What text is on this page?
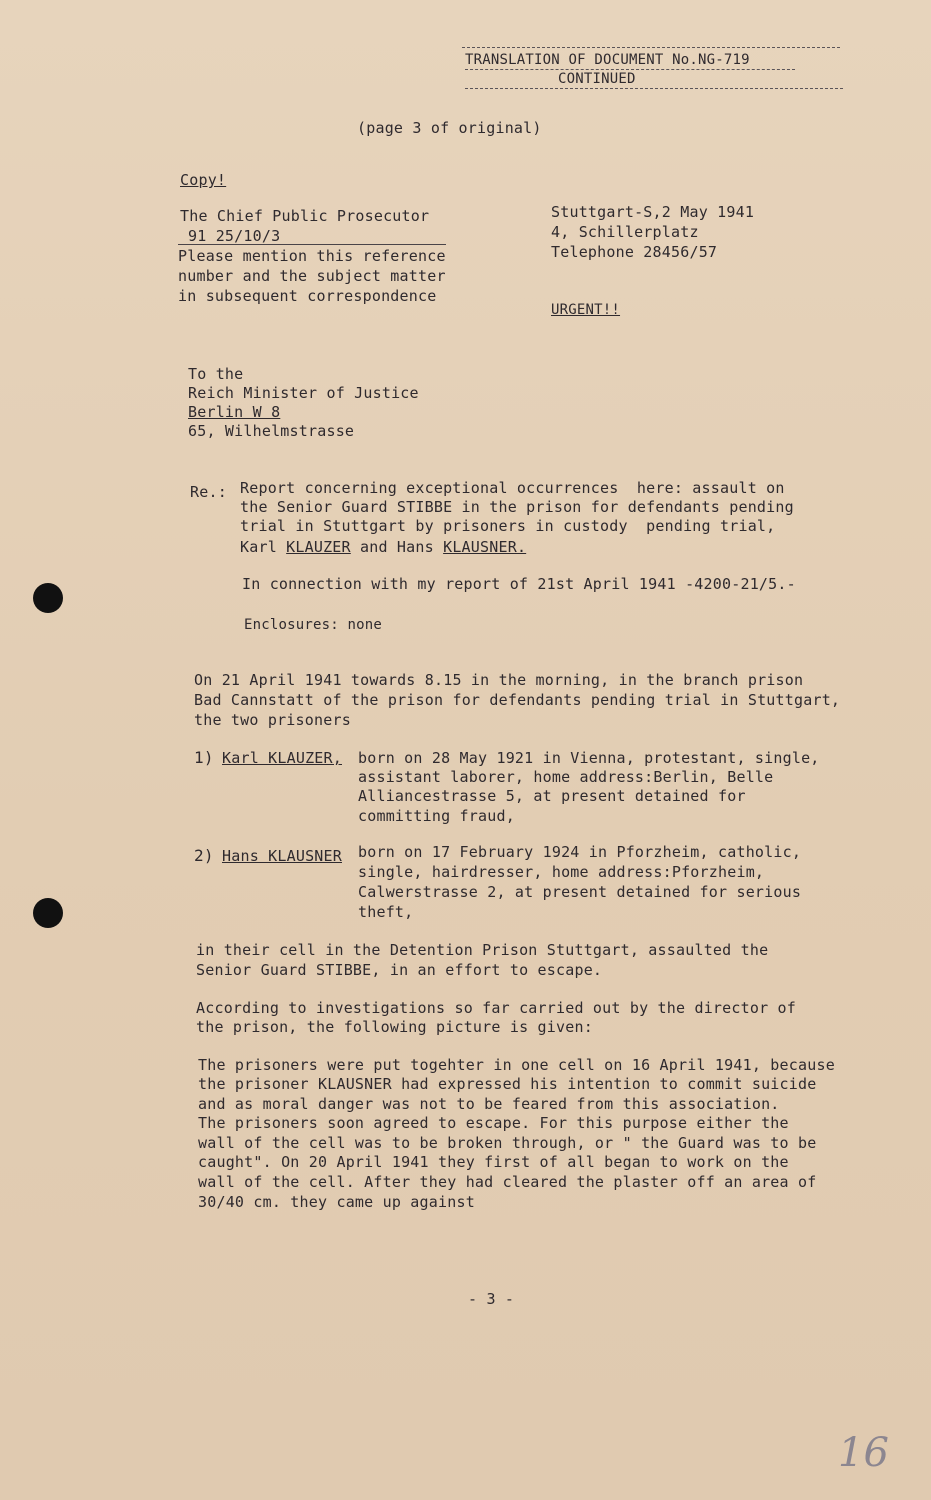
TRANSLATION OF DOCUMENT No.NG-719
CONTINUED
(page 3 of original)
Copy!
The Chief Public Prosecutor
91 25/10/3
Please mention this reference
number and the subject matter
in subsequent correspondence
Stuttgart-S,2 May 1941
4, Schillerplatz
Telephone 28456/57
URGENT!!
To the
Reich Minister of Justice
Berlin W 8
65, Wilhelmstrasse
Re.: Report concerning exceptional occurrences  here: assault on
the Senior Guard STIBBE in the prison for defendants pending
trial in Stuttgart by prisoners in custody  pending trial,
Karl KLAUZER and Hans KLAUSNER.
In connection with my report of 21st April 1941 -4200-21/5.-
Enclosures: none
On 21 April 1941 towards 8.15 in the morning, in the branch prison
Bad Cannstatt of the prison for defendants pending trial in Stuttgart,
the two prisoners
1) Karl KLAUZER, born on 28 May 1921 in Vienna, protestant, single,
assistant laborer, home address:Berlin, Belle
Alliancestrasse 5, at present detained for
committing fraud,
2) Hans KLAUSNER born on 17 February 1924 in Pforzheim, catholic,
single, hairdresser, home address:Pforzheim,
Calwerstrasse 2, at present detained for serious
theft,
in their cell in the Detention Prison Stuttgart, assaulted the
Senior Guard STIBBE, in an effort to escape.
According to investigations so far carried out by the director of
the prison, the following picture is given:
The prisoners were put togehter in one cell on 16 April 1941, because
the prisoner KLAUSNER had expressed his intention to commit suicide
and as moral danger was not to be feared from this association.
The prisoners soon agreed to escape. For this purpose either the
wall of the cell was to be broken through, or " the Guard was to be
caught". On 20 April 1941 they first of all began to work on the
wall of the cell. After they had cleared the plaster off an area of
30/40 cm. they came up against
- 3 -
16
